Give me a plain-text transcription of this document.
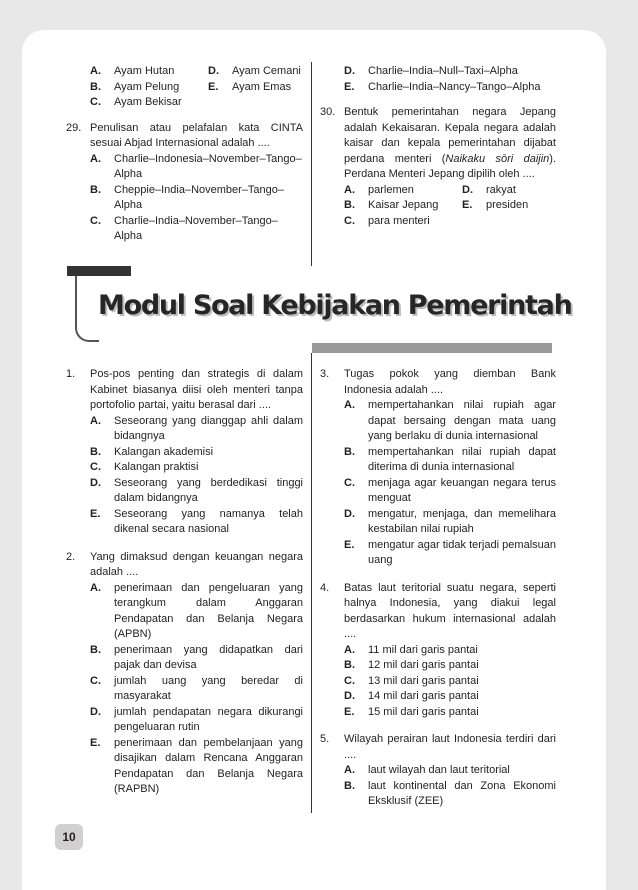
A.	Ayam Hutan	D.	Ayam Cemani
B.	Ayam Pelung	E.	Ayam Emas
C.	Ayam Bekisar
29. Penulisan atau pelafalan kata CINTA sesuai Abjad Internasional adalah ....
A.	Charlie–Indonesia–November–Tango–Alpha
B.	Cheppie–India–November–Tango–Alpha
C.	Charlie–India–November–Tango–Alpha
D.	Charlie–India–Null–Taxi–Alpha
E.	Charlie–India–Nancy–Tango–Alpha
30. Bentuk pemerintahan negara Jepang adalah Kekaisaran. Kepala negara adalah kaisar dan kepala pemerintahan dijabat perdana menteri (Naikaku sōri daijin). Perdana Menteri Jepang dipilih oleh ....
A.	parlemen	D.	rakyat
B.	Kaisar Jepang E.	presiden
C.	para menteri
Modul Soal Kebijakan Pemerintah
1.	Pos-pos penting dan strategis di dalam Kabinet biasanya diisi oleh menteri tanpa portofolio partai, yaitu berasal dari ....
A.	Seseorang yang dianggap ahli dalam bidangnya
B.	Kalangan akademisi
C.	Kalangan praktisi
D.	Seseorang yang berdedikasi tinggi dalam bidangnya
E.	Seseorang yang namanya telah dikenal secara nasional
2.	Yang dimaksud dengan keuangan negara adalah ....
A.	penerimaan dan pengeluaran yang terangkum dalam Anggaran Pendapatan dan Belanja Negara (APBN)
B.	penerimaan yang didapatkan dari pajak dan devisa
C.	jumlah uang yang beredar di masyarakat
D.	jumlah pendapatan negara dikurangi pengeluaran rutin
E.	penerimaan dan pembelanjaan yang disajikan dalam Rencana Anggaran Pendapatan dan Belanja Negara (RAPBN)
3.	Tugas pokok yang diemban Bank Indonesia adalah ....
A.	mempertahankan nilai rupiah agar dapat bersaing dengan mata uang yang berlaku di dunia internasional
B.	mempertahankan nilai rupiah dapat diterima di dunia internasional
C.	menjaga agar keuangan negara terus menguat
D.	mengatur, menjaga, dan memelihara kestabilan nilai rupiah
E.	mengatur agar tidak terjadi pemalsuan uang
4.	Batas laut teritorial suatu negara, seperti halnya Indonesia, yang diakui legal berdasarkan hukum internasional adalah ....
A.	11 mil dari garis pantai
B.	12 mil dari garis pantai
C.	13 mil dari garis pantai
D.	14 mil dari garis pantai
E.	15 mil dari garis pantai
5.	Wilayah perairan laut Indonesia terdiri dari ....
A.	laut wilayah dan laut teritorial
B.	laut kontinental dan Zona Ekonomi Eksklusif (ZEE)
10
